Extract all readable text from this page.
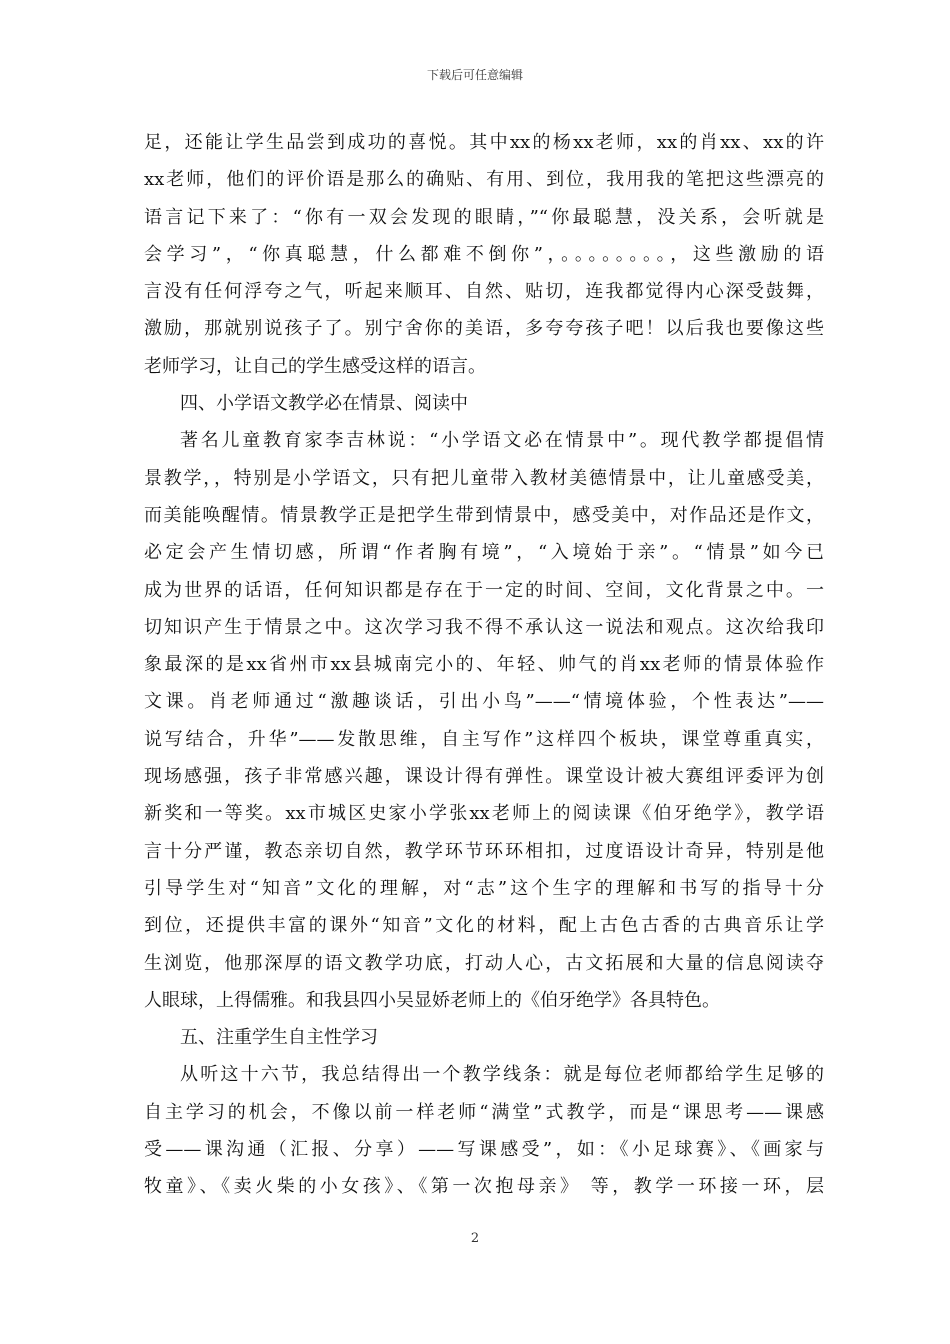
下载后可任意编辑
足，还能让学生品尝到成功的喜悦。其中xx的杨xx老师，xx的肖xx、xx的许
xx老师，他们的评价语是那么的确贴、有用、到位，我用我的笔把这些漂亮的
语言记下来了：“你有一双会发现的眼睛，”“你最聪慧，没关系，会听就是
会学习”，“你真聪慧，什么都难不倒你”，。。。。。。。。，这些激励的语
言没有任何浮夸之气，听起来顺耳、自然、贴切，连我都觉得内心深受鼓舞，
激励，那就别说孩子了。别宁舍你的美语，多夸夸孩子吧！以后我也要像这些
老师学习，让自己的学生感受这样的语言。
四、小学语文教学必在情景、阅读中
著名儿童教育家李吉林说：“小学语文必在情景中”。现代教学都提倡情
景教学，，特别是小学语文，只有把儿童带入教材美德情景中，让儿童感受美，
而美能唤醒情。情景教学正是把学生带到情景中，感受美中，对作品还是作文，
必定会产生情切感，所谓“作者胸有境”，“入境始于亲”。“情景”如今已
成为世界的话语，任何知识都是存在于一定的时间、空间，文化背景之中。一
切知识产生于情景之中。这次学习我不得不承认这一说法和观点。这次给我印
象最深的是xx省州市xx县城南完小的、年轻、帅气的肖xx老师的情景体验作
文课。肖老师通过“激趣谈话，引出小鸟”——“情境体验，个性表达”——
说写结合，升华”——发散思维，自主写作”这样四个板块，课堂尊重真实，
现场感强，孩子非常感兴趣，课设计得有弹性。课堂设计被大赛组评委评为创
新奖和一等奖。xx市城区史家小学张xx老师上的阅读课《伯牙绝学》，教学语
言十分严谨，教态亲切自然，教学环节环环相扣，过度语设计奇异，特别是他
引导学生对“知音”文化的理解，对“志”这个生字的理解和书写的指导十分
到位，还提供丰富的课外“知音”文化的材料，配上古色古香的古典音乐让学
生浏览，他那深厚的语文教学功底，打动人心，古文拓展和大量的信息阅读夺
人眼球，上得儒雅。和我县四小吴显娇老师上的《伯牙绝学》各具特色。
五、注重学生自主性学习
从听这十六节，我总结得出一个教学线条：就是每位老师都给学生足够的
自主学习的机会，不像以前一样老师“满堂”式教学，而是“课思考——课感
受——课沟通（汇报、分享）——写课感受”，如：《小足球赛》、《画家与
牧童》、《卖火柴的小女孩》、《第一次抱母亲》 等，教学一环接一环，层
2
